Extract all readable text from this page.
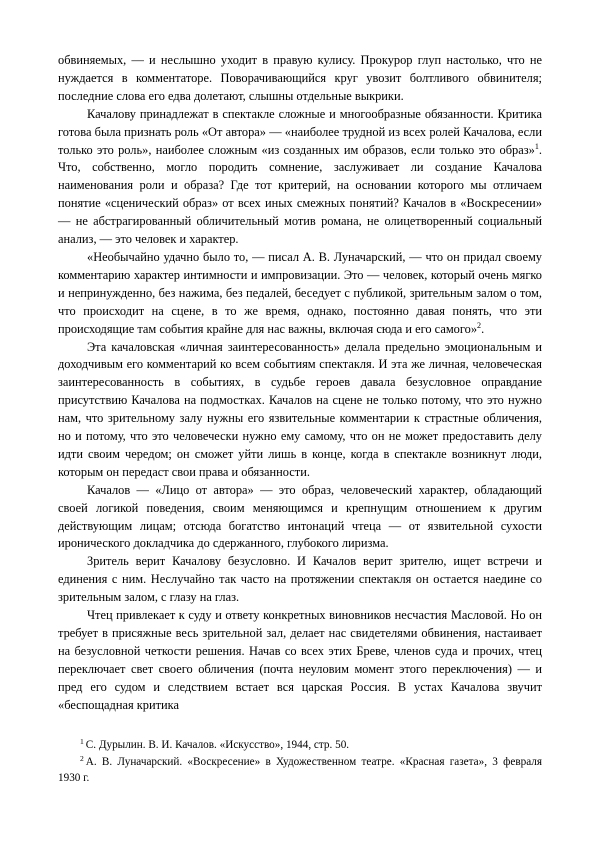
обвиняемых, — и неслышно уходит в правую кулису. Прокурор глуп настолько, что не нуждается в комментаторе. Поворачивающийся круг увозит болтливого обвинителя; последние слова его едва долетают, слышны отдельные выкрики.

Качалову принадлежат в спектакле сложные и многообразные обязанности. Критика готова была признать роль «От автора» — «наиболее трудной из всех ролей Качалова, если только это роль», наиболее сложным «из созданных им образов, если только это образ»$^1$. Что, собственно, могло породить сомнение, заслуживает ли создание Качалова наименования роли и образа? Где тот критерий, на основании которого мы отличаем понятие «сценический образ» от всех иных смежных понятий? Качалов в «Воскресении» — не абстрагированный обличительный мотив романа, не олицетворенный социальный анализ, — это человек и характер.

«Необычайно удачно было то, — писал А. В. Луначарский, — что он придал своему комментарию характер интимности и импровизации. Это — человек, который очень мягко и непринужденно, без нажима, без педалей, беседует с публикой, зрительным залом о том, что происходит на сцене, в то же время, однако, постоянно давая понять, что эти происходящие там события крайне для нас важны, включая сюда и его самого»$^2$.

Эта качаловская «личная заинтересованность» делала предельно эмоциональным и доходчивым его комментарий ко всем событиям спектакля. И эта же личная, человеческая заинтересованность в событиях, в судьбе героев давала безусловное оправдание присутствию Качалова на подмостках. Качалов на сцене не только потому, что это нужно нам, что зрительному залу нужны его язвительные комментарии к страстные обличения, но и потому, что это человечески нужно ему самому, что он не может предоставить делу идти своим чередом; он сможет уйти лишь в конце, когда в спектакле возникнут люди, которым он передаст свои права и обязанности.

Качалов — «Лицо от автора» — это образ, человеческий характер, обладающий своей логикой поведения, своим меняющимся и крепнущим отношением к другим действующим лицам; отсюда богатство интонаций чтеца — от язвительной сухости иронического докладчика до сдержанного, глубокого лиризма.

Зритель верит Качалову безусловно. И Качалов верит зрителю, ищет встречи и единения с ним. Неслучайно так часто на протяжении спектакля он остается наедине со зрительным залом, с глазу на глаз.

Чтец привлекает к суду и ответу конкретных виновников несчастия Масловой. Но он требует в присяжные весь зрительной зал, делает нас свидетелями обвинения, настаивает на безусловной четкости решения. Начав со всех этих Бреве, членов суда и прочих, чтец переключает свет своего обличения (почта неуловим момент этого переключения) — и пред его судом и следствием встает вся царская Россия. В устах Качалова звучит «беспощадная критика

$^1$ С. Дурылин. В. И. Качалов. «Искусство», 1944, стр. 50.

$^2$ А. В. Луначарский. «Воскресение» в Художественном театре. «Красная газета», 3 февраля 1930 г.
